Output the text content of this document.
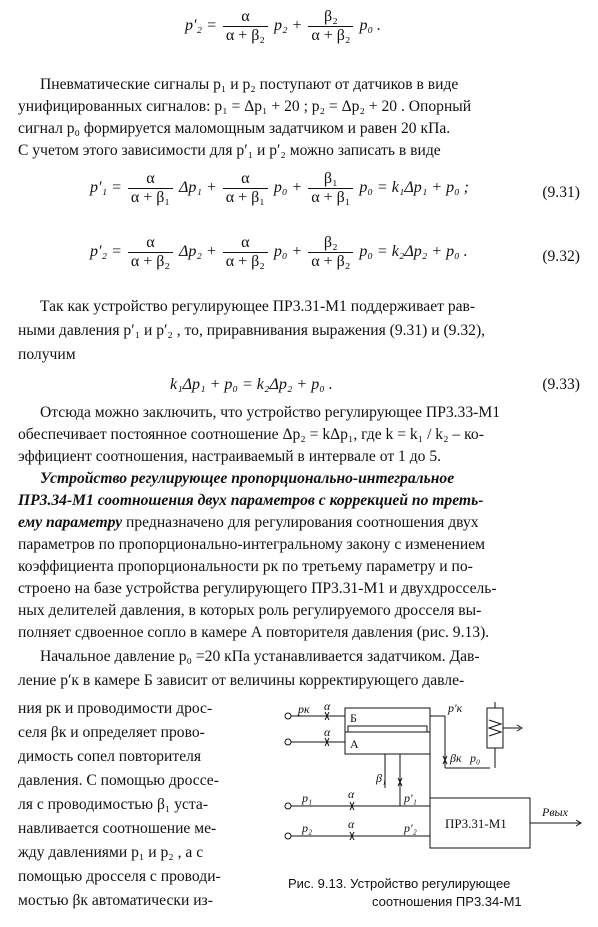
$p'_2 = \frac{\alpha}{\text{α + β₂}} p_2 + \frac{\text{β₂}}{\text{α + β₂}} p_0$ .
Пневматические сигналы p₁ и p₂ поступают от датчиков в виде
унифицированных сигналов: p₁ = Δp₁ + 20 ; p₂ = Δp₂ + 20 . Опорный
сигнал p₀ формируется маломощным задатчиком и равен 20 кПа.
С учетом этого зависимости для p′₁ и p′₂ можно записать в виде
$p'_1 = \frac{\alpha}{\text{α + β₁}} \Delta p_1 + \frac{\alpha}{\text{α + β₁}} p_0 + \frac{\text{β₁}}{\text{α + β₁}} p_0 = k_1\Delta p_1 + p_0$ ;	(9.31)
$p'_2 = \frac{\alpha}{\text{α + β₂}} \Delta p_2 + \frac{\alpha}{\text{α + β₂}} p_0 + \frac{\text{β₂}}{\text{α + β₂}} p_0 = k_2\Delta p_2 + p_0$ .	(9.32)
Так как устройство регулирующее ПР3.31-М1 поддерживает рав-
ными давления p′₁ и p′₂ , то, приравнивания выражения (9.31) и (9.32),
получим
k₁Δp₁ + p₀ = k₂Δp₂ + p₀ .	(9.33)
Отсюда можно заключить, что устройство регулирующее ПР3.33-М1
обеспечивает постоянное соотношение Δp₂ = kΔp₁, где k = k₁ / k₂ – ко-
эффициент соотношения, настраиваемый в интервале от 1 до 5.
Устройство регулирующее пропорционально-интегральное
ПР3.34-М1 соотношения двух параметров с коррекцией по треть-
ему параметру предназначено для регулирования соотношения двух
параметров по пропорционально-интегральному закону с изменением
коэффициента пропорциональности pк по третьему параметру и по-
строено на базе устройства регулирующего ПР3.31-М1 и двухдроссель-
ных делителей давления, в которых роль регулируемого дросселя вы-
полняет сдвоенное сопло в камере А повторителя давления (рис. 9.13).
Начальное давление p₀ =20 кПа устанавливается задатчиком. Дав-
ление p′к в камере Б зависит от величины корректирующего давле-
ния pк и проводимости дрос-
селя βк и определяет прово-
димость сопел повторителя
давления. С помощью дроссе-
ля с проводимостью β₁ уста-
навливается соотношение ме-
жду давлениями p₁ и p₂ , а с
помощью дросселя с проводи-
мостью βк автоматически из-
pк α
α
Б
А
p′к
βк p₀
β₁
p₁	α	p′₁
p₂	α	p′₂ ПР3.31-М1
Pвых
Рис. 9.13. Устройство регулирующее
соотношения ПР3.34-М1
